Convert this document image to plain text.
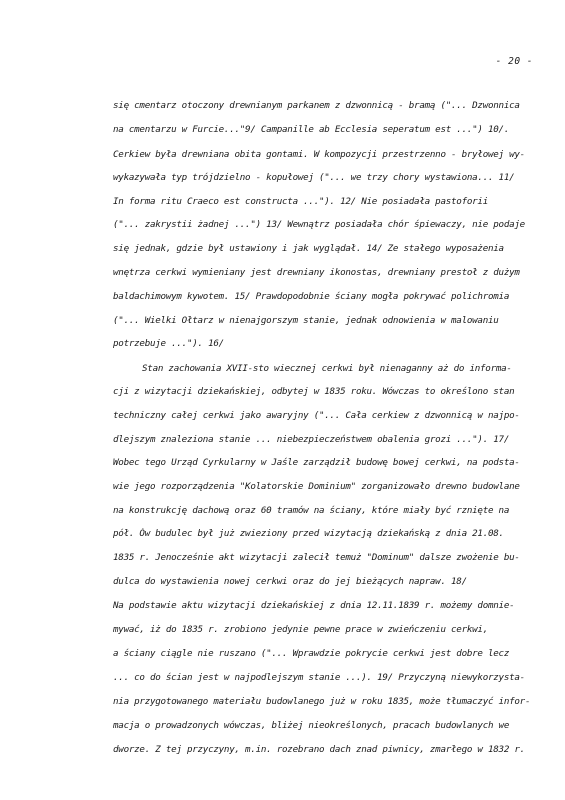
- 20 -
się cmentarz otoczony drewnianym parkanem z dzwonnicą - bramą ("... Dzwonnica
na cmentarzu w Furcie..."9/ Campanille ab Ecclesia seperatum est ...") 10/.
Cerkiew była drewniana obita gontami. W kompozycji przestrzenno - bryłowej wy-
wykazywała typ trójdzielno - kopułowej ("... we trzy chory wystawiona... 11/
In forma ritu Craeco est constructa ..."). 12/ Nie posiadała pastoforii
("... zakrystii żadnej ...") 13/ Wewnątrz posiadała chór śpiewaczy, nie podaje
się jednak, gdzie był ustawiony i jak wyglądał. 14/ Ze stałego wyposażenia
wnętrza cerkwi wymieniany jest drewniany ikonostas, drewniany prestoł z dużym
baldachimowym kywotem. 15/ Prawdopodobnie ściany mogła pokrywać polichromia
("... Wielki Ołtarz w nienajgorszym stanie, jednak odnowienia w malowaniu
potrzebuje ..."). 16/
Stan zachowania XVII-sto wiecznej cerkwi był nienaganny aż do informa-
cji z wizytacji dziekańskiej, odbytej w 1835 roku. Wówczas to określono stan
techniczny całej cerkwi jako awaryjny ("... Cała cerkiew z dzwonnicą w najpo-
dlejszym znaleziona stanie ... niebezpieczeństwem obalenia grozi ..."). 17/
Wobec tego Urząd Cyrkularny w Jaśle zarządził budowę bowej cerkwi, na podsta-
wie jego rozporządzenia "Kolatorskie Dominium" zorganizowało drewno budowlane
na konstrukcję dachową oraz 60 tramów na ściany, które miały być rznięte na
pół. Ów budulec był już zwieziony przed wizytacją dziekańską z dnia 21.08.
1835 r. Jenocześnie akt wizytacji zalecił temuż "Dominum" dalsze zwożenie bu-
dulca do wystawienia nowej cerkwi oraz do jej bieżących napraw. 18/
Na podstawie aktu wizytacji dziekańskiej z dnia 12.11.1839 r. możemy domnie-
mywać, iż do 1835 r. zrobiono jedynie pewne prace w zwieńczeniu cerkwi,
a ściany ciągle nie ruszano ("... Wprawdzie pokrycie cerkwi jest dobre lecz
... co do ścian jest w najpodlejszym stanie ...). 19/ Przyczyną niewykorzysta-
nia przygotowanego materiału budowlanego już w roku 1835, może tłumaczyć infor-
macja o prowadzonych wówczas, bliżej nieokreślonych, pracach budowlanych we
dworze. Z tej przyczyny, m.in. rozebrano dach znad piwnicy, zmarłego w 1832 r.
